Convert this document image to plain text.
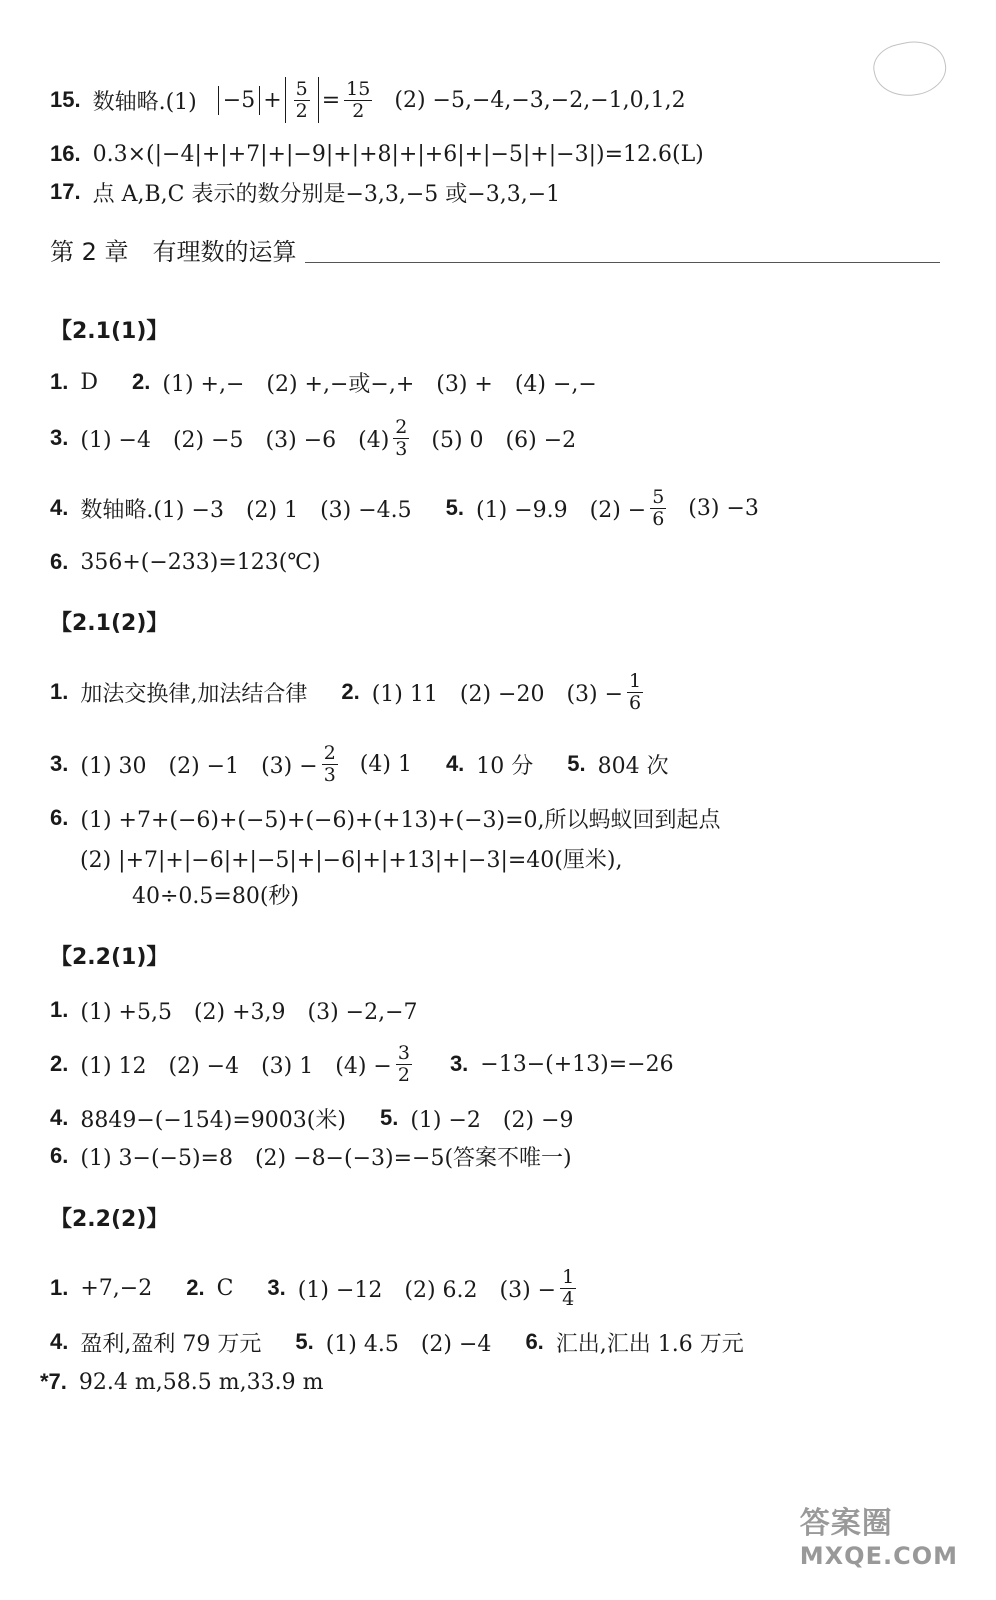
15. 数轴略$.(1) -5 + \frac{5}{2} = \frac{15}{2} (2) -5,-4,-3,-2,-1,0,1,2$
16. 0.3×(|−4|+|+7|+|−9|+|+8|+|+6|+|−5|+|−3|)=12.6(L)
17. 点 A,B,C 表示的数分别是−3,3,−5 或−3,3,−1
第 2 章　有理数的运算
【2.1(1)】
1. D 2. (1) +,−　(2) +,−或−,+　(3) +　(4) −,−
3. (1) −4　(2) −5　(3) −6　$(4) \frac{2}{3} (5)$ 0　(6) −2
4. 数轴略.(1) −3　(2) 1　(3) −4.5 5. (1) −9.9　$(2) - \frac{5}{6} (3) -3$
6. 356+(−233)=123(℃)
【2.1(2)】
1. 加法交换律,加法结合律 2. (1) 11　(2) −20　$(3) - \frac{1}{6}$
3. (1) 30　(2) −1　$(3) - \frac{2}{3} (4)$ 1 4. 10 分 5. 804 次
6. (1) +7+(−6)+(−5)+(−6)+(+13)+(−3)=0,所以蚂蚁回到起点
(2) |+7|+|−6|+|−5|+|−6|+|+13|+|−3|=40(厘米),
40÷0.5=80(秒)
【2.2(1)】
1. (1) +5,5　(2) +3,9　(3) −2,−7
2. (1) 12　(2) −4　(3) 1　$(4) - \frac{3}{2} 3$. −13−(+13)=−26
4. 8849−(−154)=9003(米) 5. (1) −2　(2) −9
6. (1) 3−(−5)=8　(2) −8−(−3)=−5(答案不唯一)
【2.2(2)】
1. +7,−2 2. C 3. (1) −12　(2) 6.2　$(3) - \frac{1}{4}$
4. 盈利,盈利 79 万元 5. (1) 4.5　(2) −4 6. 汇出,汇出 1.6 万元
*7. 92.4 m,58.5 m,33.9 m
答案圈
MXQE.COM
